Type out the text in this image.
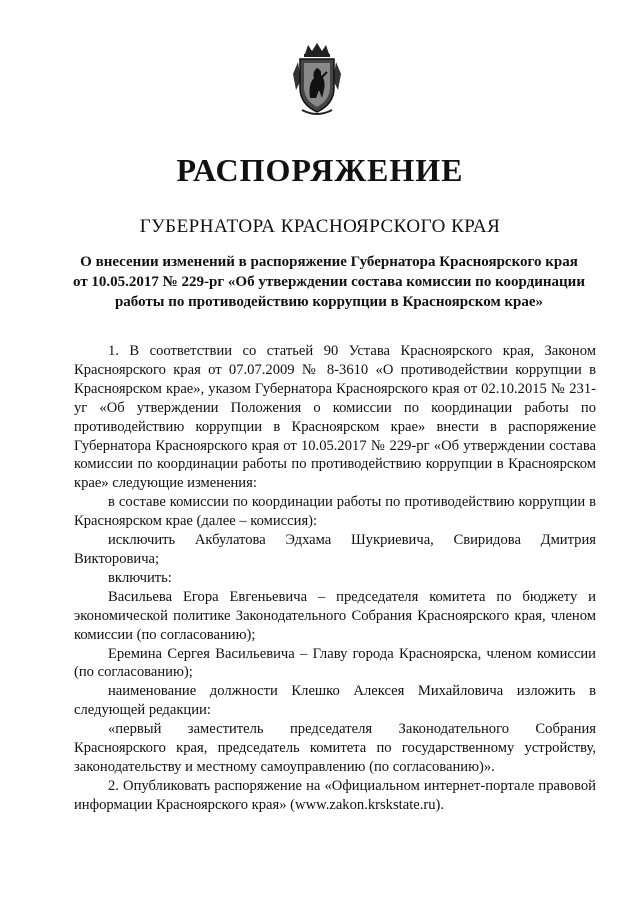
РАСПОРЯЖЕНИЕ
ГУБЕРНАТОРА КРАСНОЯРСКОГО КРАЯ
О внесении изменений в распоряжение Губернатора Красноярского края
от 10.05.2017 № 229-рг «Об утверждении состава комиссии по координации
работы по противодействию коррупции в Красноярском крае»

1. В соответствии со статьей 90 Устава Красноярского края, Законом Красноярского края от 07.07.2009 № 8-3610 «О противодействии коррупции в Красноярском крае», указом Губернатора Красноярского края от 02.10.2015 № 231-уг «Об утверждении Положения о комиссии по координации работы по противодействию коррупции в Красноярском крае» внести в распоряжение Губернатора Красноярского края от 10.05.2017 № 229-рг «Об утверждении состава комиссии по координации работы по противодействию коррупции в Красноярском крае» следующие изменения:

в составе комиссии по координации работы по противодействию коррупции в Красноярском крае (далее – комиссия):

исключить Акбулатова Эдхама Шукриевича, Свиридова Дмитрия Викторовича;

включить:

Васильева Егора Евгеньевича – председателя комитета по бюджету и экономической политике Законодательного Собрания Красноярского края, членом комиссии (по согласованию);

Еремина Сергея Васильевича – Главу города Красноярска, членом комиссии (по согласованию);

наименование должности Клешко Алексея Михайловича изложить в следующей редакции:

«первый заместитель председателя Законодательного Собрания Красноярского края, председатель комитета по государственному устройству, законодательству и местному самоуправлению (по согласованию)».

2. Опубликовать распоряжение на «Официальном интернет-портале правовой информации Красноярского края» (www.zakon.krskstate.ru).
